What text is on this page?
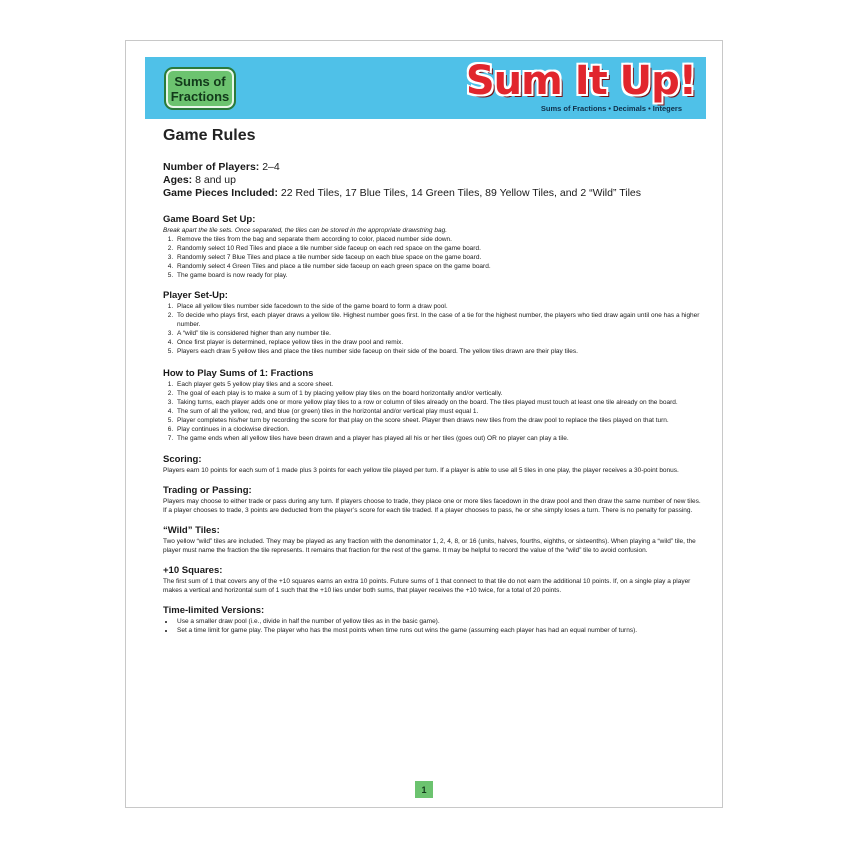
Sums of
Fractions	Sum It Up!
Sums of Fractions • Decimals • Integers
Game Rules
Number of Players: 2–4
Ages: 8 and up
Game Pieces Included: 22 Red Tiles, 17 Blue Tiles, 14 Green Tiles, 89 Yellow Tiles, and 2 “Wild” Tiles
Game Board Set Up:

Break apart the tile sets. Once separated, the tiles can be stored in the appropriate drawstring bag.

1. Remove the tiles from the bag and separate them according to color, placed number side down.
2. Randomly select 10 Red Tiles and place a tile number side faceup on each red space on the game board.
3. Randomly select 7 Blue Tiles and place a tile number side faceup on each blue space on the game board.
4. Randomly select 4 Green Tiles and place a tile number side faceup on each green space on the game board.
5. The game board is now ready for play.
Player Set-Up:
1. Place all yellow tiles number side facedown to the side of the game board to form a draw pool.
2. To decide who plays first, each player draws a yellow tile. Highest number goes first. In the case of a tie for the highest number, the players who tied draw again until one has a higher number.
3. A “wild” tile is considered higher than any number tile.
4. Once first player is determined, replace yellow tiles in the draw pool and remix.
5. Players each draw 5 yellow tiles and place the tiles number side faceup on their side of the board. The yellow tiles drawn are their play tiles.
How to Play Sums of 1: Fractions
1. Each player gets 5 yellow play tiles and a score sheet.
2. The goal of each play is to make a sum of 1 by placing yellow play tiles on the board horizontally and/or vertically.
3. Taking turns, each player adds one or more yellow play tiles to a row or column of tiles already on the board. The tiles played must touch at least one tile already on the board.
4. The sum of all the yellow, red, and blue (or green) tiles in the horizontal and/or vertical play must equal 1.
5. Player completes his/her turn by recording the score for that play on the score sheet. Player then draws new tiles from the draw pool to replace the tiles played on that turn.
6. Play continues in a clockwise direction.
7. The game ends when all yellow tiles have been drawn and a player has played all his or her tiles (goes out) OR no player can play a tile.
Scoring:

Players earn 10 points for each sum of 1 made plus 3 points for each yellow tile played per turn. If a player is able to use all 5 tiles in one play, the player receives a 30-point bonus.

Trading or Passing:

Players may choose to either trade or pass during any turn. If players choose to trade, they place one or more tiles facedown in the draw pool and then draw the same number of new tiles. If a player chooses to trade, 3 points are deducted from the player’s score for each tile traded. If a player chooses to pass, he or she simply loses a turn. There is no penalty for passing.

“Wild” Tiles:

Two yellow “wild” tiles are included. They may be played as any fraction with the denominator 1, 2, 4, 8, or 16 (units, halves, fourths, eighths, or sixteenths). When playing a “wild” tile, the player must name the fraction the tile represents. It remains that fraction for the rest of the game. It may be helpful to record the value of the “wild” tile to avoid confusion.

+10 Squares:

The first sum of 1 that covers any of the +10 squares earns an extra 10 points. Future sums of 1 that connect to that tile do not earn the additional 10 points. If, on a single play a player makes a vertical and horizontal sum of 1 such that the +10 lies under both sums, that player receives the +10 twice, for a total of 20 points.

Time-limited Versions:
• Use a smaller draw pool (i.e., divide in half the number of yellow tiles as in the basic game).
• Set a time limit for game play. The player who has the most points when time runs out wins the game (assuming each player has had an equal number of turns).
1
